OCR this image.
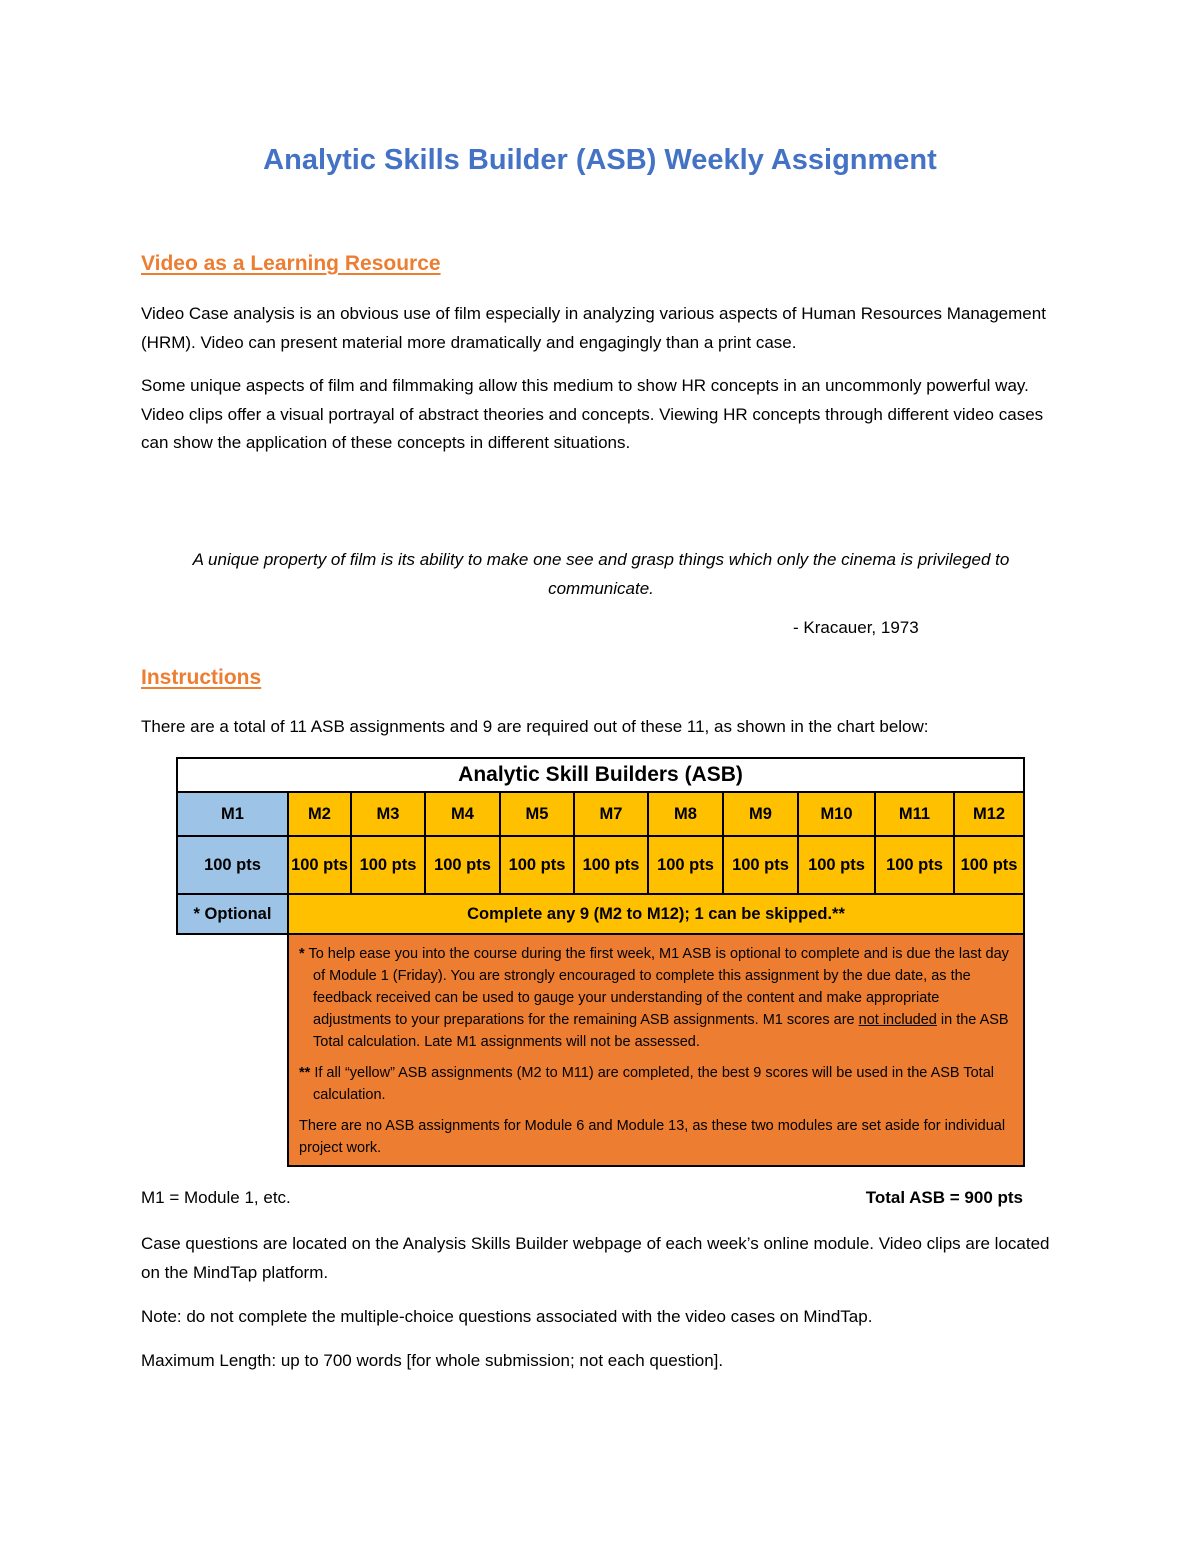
Analytic Skills Builder (ASB) Weekly Assignment
Video as a Learning Resource

Video Case analysis is an obvious use of film especially in analyzing various aspects of Human Resources Management (HRM). Video can present material more dramatically and engagingly than a print case.

Some unique aspects of film and filmmaking allow this medium to show HR concepts in an uncommonly powerful way. Video clips offer a visual portrayal of abstract theories and concepts. Viewing HR concepts through different video cases can show the application of these concepts in different situations.

A unique property of film is its ability to make one see and grasp things which only the cinema is privileged to communicate.

- Kracauer, 1973
Instructions

There are a total of 11 ASB assignments and 9 are required out of these 11, as shown in the chart below:

Analytic Skill Builders (ASB)										
M1	M2	M3	M4	M5	M7	M8	M9	M10	M11	M12
100 pts	100 pts	100 pts	100 pts	100 pts	100 pts	100 pts	100 pts	100 pts	100 pts	100 pts
* Optional	Complete any 9 (M2 to M12); 1 can be skipped.**									

	* To help ease you into the course during the first week, M1 ASB is optional to complete and is due the last day of Module 1 (Friday). You are strongly encouraged to complete this assignment by the due date, as the feedback received can be used to gauge your understanding of the content and make appropriate adjustments to your preparations for the remaining ASB assignments. M1 scores are not included in the ASB Total calculation. Late M1 assignments will not be assessed.

** If all “yellow” ASB assignments (M2 to M11) are completed, the best 9 scores will be used in the ASB Total calculation.

There are no ASB assignments for Module 6 and Module 13, as these two modules are set aside for individual project work.									

M1 = Module 1, etc.	Total ASB = 900 pts

Case questions are located on the Analysis Skills Builder webpage of each week’s online module. Video clips are located on the MindTap platform.

Note: do not complete the multiple-choice questions associated with the video cases on MindTap.

Maximum Length: up to 700 words [for whole submission; not each question].
